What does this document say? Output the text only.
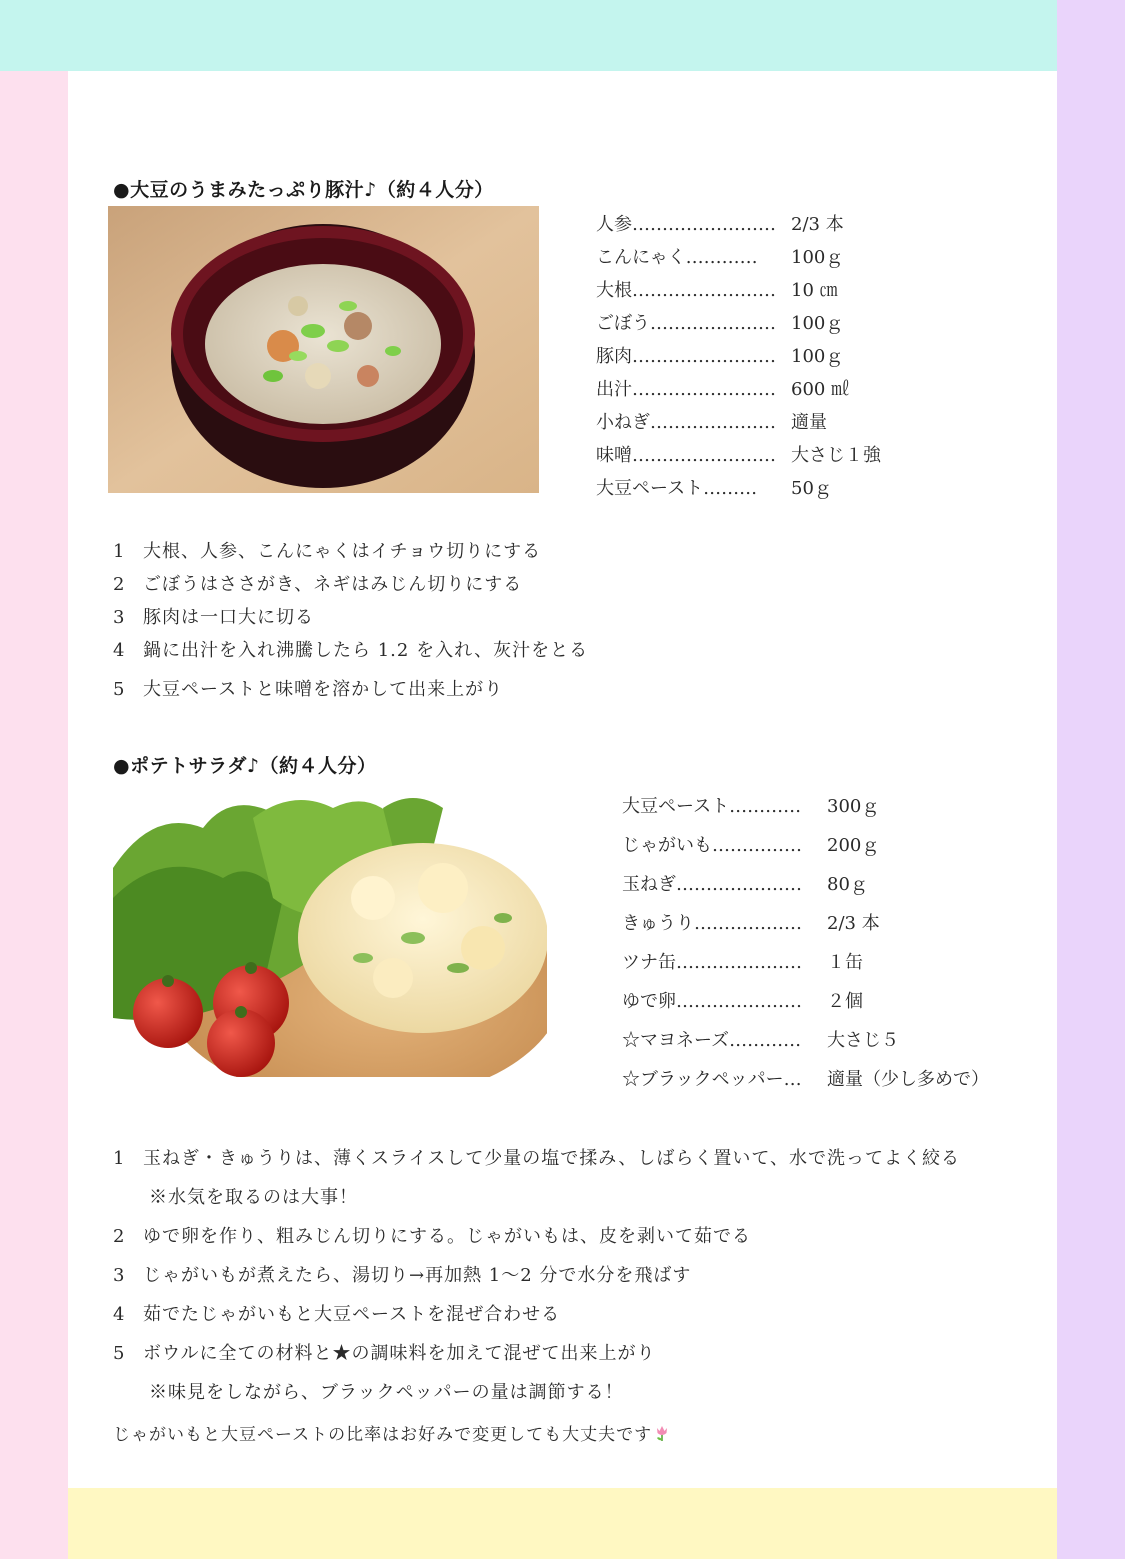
●大豆のうまみたっぷり豚汁♪（約４人分）
人参…………………… 2/3 本
こんにゃく…………	100ｇ
大根…………………… 10 ㎝
ごぼう………………… 100ｇ
豚肉…………………… 100ｇ
出汁…………………… 600 ㎖
小ねぎ………………… 適量
味噌…………………… 大さじ１強
大豆ペースト………	50ｇ
1 大根、人参、こんにゃくはイチョウ切りにする
2 ごぼうはささがき、ネギはみじん切りにする
3 豚肉は一口大に切る
4 鍋に出汁を入れ沸騰したら 1.2 を入れ、灰汁をとる
5 大豆ペーストと味噌を溶かして出来上がり
●ポテトサラダ♪（約４人分）
大豆ペースト…………	300ｇ
じゃがいも……………	200ｇ
玉ねぎ…………………	80ｇ
きゅうり………………	2/3 本
ツナ缶…………………	１缶
ゆで卵…………………	２個
☆マヨネーズ…………	大さじ５
☆ブラックペッパー…	適量（少し多めで）
1 玉ねぎ・きゅうりは、薄くスライスして少量の塩で揉み、しばらく置いて、水で洗ってよく絞る
※水気を取るのは大事！
2 ゆで卵を作り、粗みじん切りにする。じゃがいもは、皮を剥いて茹でる
3 じゃがいもが煮えたら、湯切り→再加熱 1～2 分で水分を飛ばす
4 茹でたじゃがいもと大豆ペーストを混ぜ合わせる
5 ボウルに全ての材料と★の調味料を加えて混ぜて出来上がり
※味見をしながら、ブラックペッパーの量は調節する！
じゃがいもと大豆ペーストの比率はお好みで変更しても大丈夫です
